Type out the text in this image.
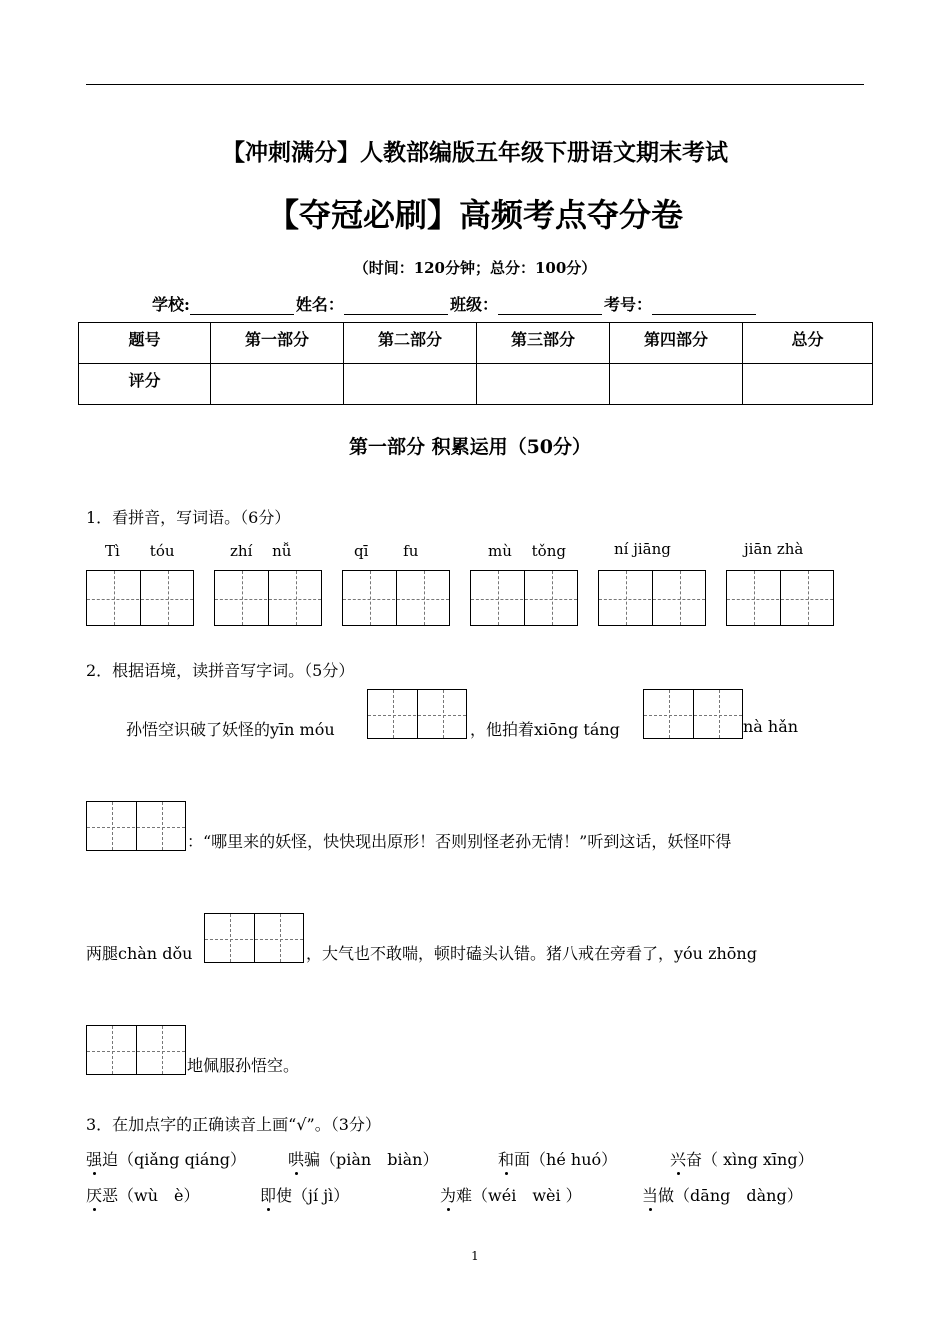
【冲刺满分】人教部编版五年级下册语文期末考试
【夺冠必刷】高频考点夺分卷
（时间：120分钟；总分：100分）
学校:	姓名：	班级：	考号：
题号	第一部分	第二部分	第三部分	第四部分	总分
评分					
第一部分 积累运用（50分）
1．看拼音，写词语。（6分）
Tì　　tóu	zhí　 nǚ	qī　　 fu	mù　 tǒng	ní jiāng	jiān zhà
2．根据语境，读拼音写字词。（5分）
孙悟空识破了妖怪的yīn móu	，他拍着xiōng táng	nà hǎn
：“哪里来的妖怪，快快现出原形！否则别怪老孙无情！”听到这话，妖怪吓得
两腿chàn dǒu	，大气也不敢喘，顿时磕头认错。猪八戒在旁看了，yóu zhōng
地佩服孙悟空。
3．在加点字的正确读音上画“√”。（3分）
强迫（qiǎng qiáng）	哄骗（piàn　biàn）	和面（hé huó）	兴奋（ xìng xīng）
厌恶（wù　è）	即使（jí jì）	为难（wéi　wèi ）	当做（dāng　dàng）
1
